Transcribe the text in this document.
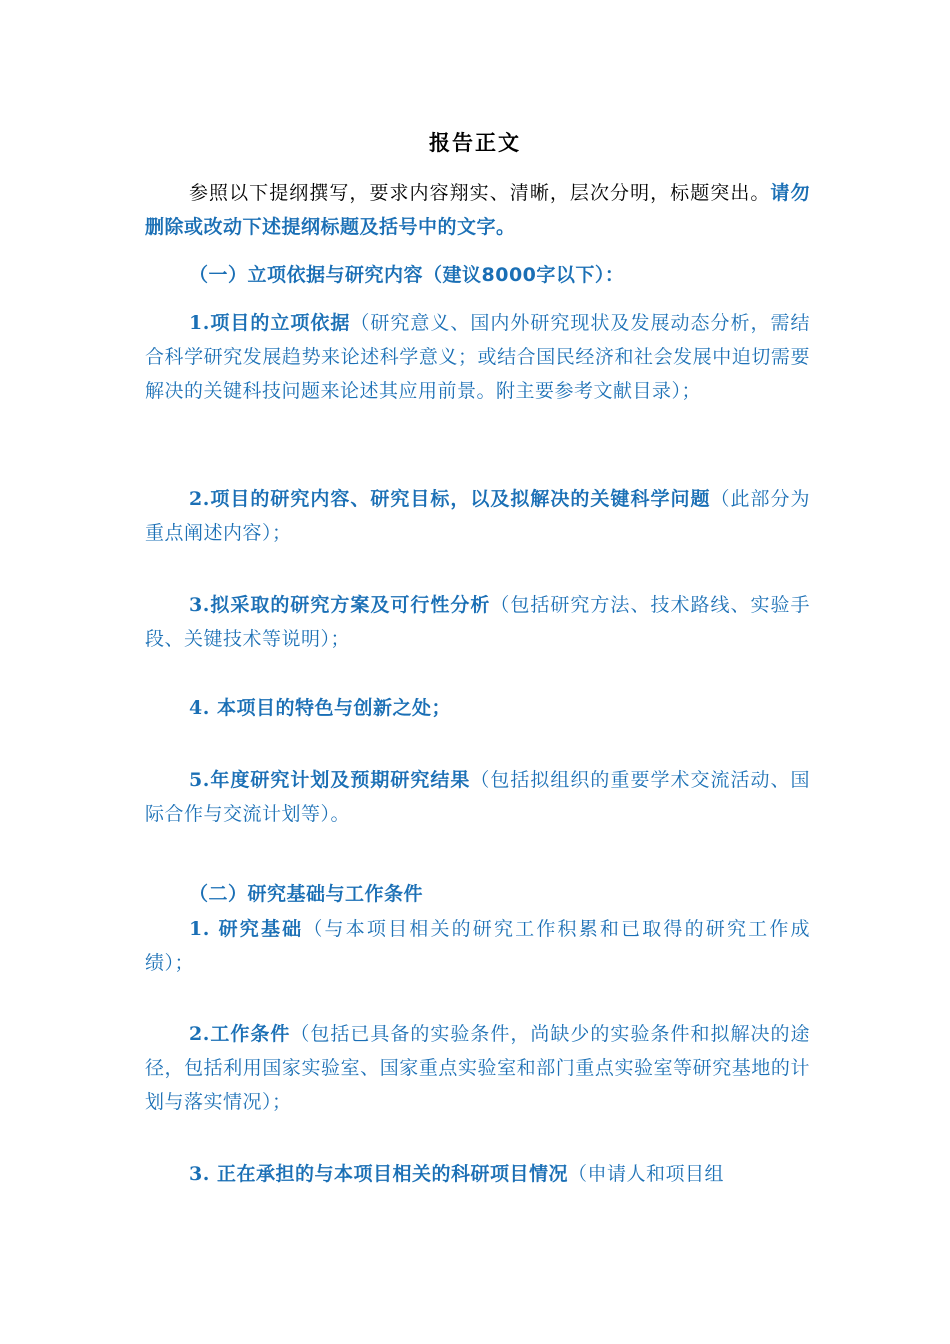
报告正文
参照以下提纲撰写，要求内容翔实、清晰，层次分明，标题突出。请勿删除或改动下述提纲标题及括号中的文字。
（一）立项依据与研究内容（建议8000字以下）：
1.项目的立项依据（研究意义、国内外研究现状及发展动态分析，需结合科学研究发展趋势来论述科学意义；或结合国民经济和社会发展中迫切需要解决的关键科技问题来论述其应用前景。附主要参考文献目录）；
2.项目的研究内容、研究目标，以及拟解决的关键科学问题（此部分为重点阐述内容）；
3.拟采取的研究方案及可行性分析（包括研究方法、技术路线、实验手段、关键技术等说明）；
4. 本项目的特色与创新之处；
5.年度研究计划及预期研究结果（包括拟组织的重要学术交流活动、国际合作与交流计划等）。
（二）研究基础与工作条件
1. 研究基础（与本项目相关的研究工作积累和已取得的研究工作成绩）；
2.工作条件（包括已具备的实验条件，尚缺少的实验条件和拟解决的途径，包括利用国家实验室、国家重点实验室和部门重点实验室等研究基地的计划与落实情况）；
3. 正在承担的与本项目相关的科研项目情况（申请人和项目组
